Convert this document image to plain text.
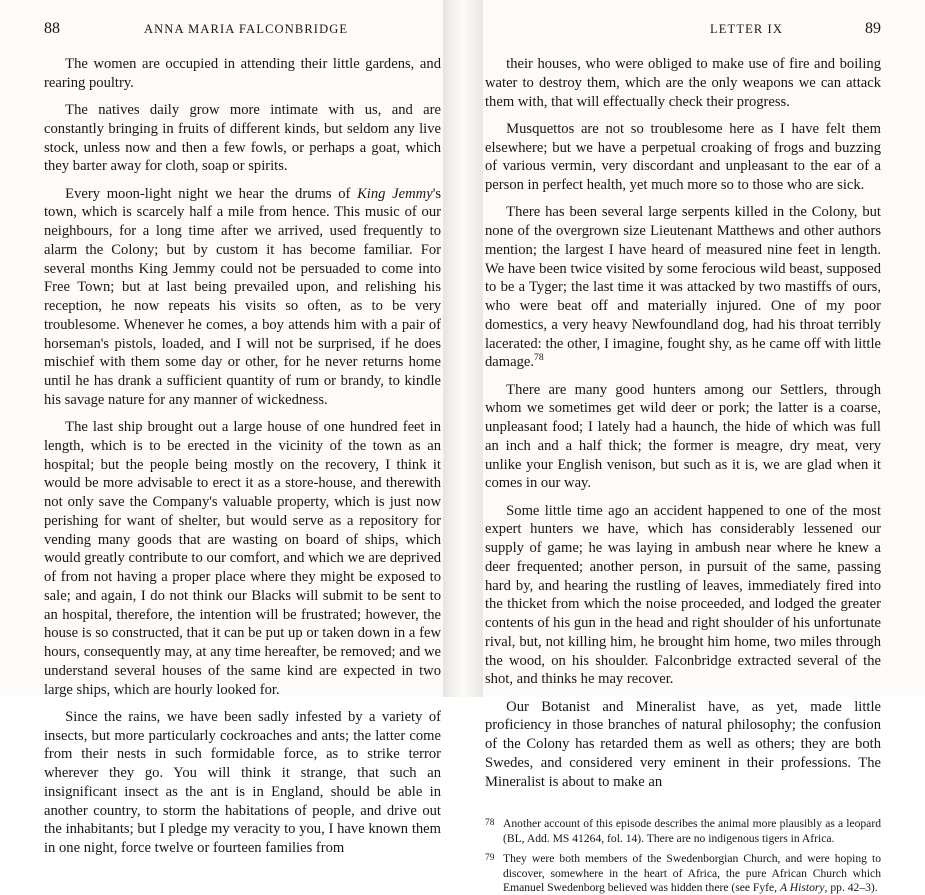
88	ANNA MARIA FALCONBRIDGE

The women are occupied in attending their little gardens, and rearing poultry.

The natives daily grow more intimate with us, and are constantly bringing in fruits of different kinds, but seldom any live stock, unless now and then a few fowls, or perhaps a goat, which they barter away for cloth, soap or spirits.

Every moon-light night we hear the drums of King Jemmy's town, which is scarcely half a mile from hence. This music of our neighbours, for a long time after we arrived, used frequently to alarm the Colony; but by custom it has become familiar. For several months King Jemmy could not be persuaded to come into Free Town; but at last being prevailed upon, and relishing his reception, he now repeats his visits so often, as to be very troublesome. Whenever he comes, a boy attends him with a pair of horseman's pistols, loaded, and I will not be surprised, if he does mischief with them some day or other, for he never returns home until he has drank a sufficient quantity of rum or brandy, to kindle his savage nature for any manner of wickedness.

The last ship brought out a large house of one hundred feet in length, which is to be erected in the vicinity of the town as an hospital; but the people being mostly on the recovery, I think it would be more advisable to erect it as a store-house, and therewith not only save the Company's valuable property, which is just now perishing for want of shelter, but would serve as a repository for vending many goods that are wasting on board of ships, which would greatly contribute to our comfort, and which we are deprived of from not having a proper place where they might be exposed to sale; and again, I do not think our Blacks will submit to be sent to an hospital, therefore, the intention will be frustrated; however, the house is so constructed, that it can be put up or taken down in a few hours, consequently may, at any time hereafter, be removed; and we understand several houses of the same kind are expected in two large ships, which are hourly looked for.

Since the rains, we have been sadly infested by a variety of insects, but more particularly cockroaches and ants; the latter come from their nests in such formidable force, as to strike terror wherever they go. You will think it strange, that such an insignificant insect as the ant is in England, should be able in another country, to storm the habitations of people, and drive out the inhabitants; but I pledge my veracity to you, I have known them in one night, force twelve or fourteen families from

LETTER IX	89

their houses, who were obliged to make use of fire and boiling water to destroy them, which are the only weapons we can attack them with, that will effectually check their progress.

Musquettos are not so troublesome here as I have felt them elsewhere; but we have a perpetual croaking of frogs and buzzing of various vermin, very discordant and unpleasant to the ear of a person in perfect health, yet much more so to those who are sick.

There has been several large serpents killed in the Colony, but none of the overgrown size Lieutenant Matthews and other authors mention; the largest I have heard of measured nine feet in length. We have been twice visited by some ferocious wild beast, supposed to be a Tyger; the last time it was attacked by two mastiffs of ours, who were beat off and materially injured. One of my poor domestics, a very heavy Newfoundland dog, had his throat terribly lacerated: the other, I imagine, fought shy, as he came off with little damage.$^{78}$

There are many good hunters among our Settlers, through whom we sometimes get wild deer or pork; the latter is a coarse, unpleasant food; I lately had a haunch, the hide of which was full an inch and a half thick; the former is meagre, dry meat, very unlike your English venison, but such as it is, we are glad when it comes in our way.

Some little time ago an accident happened to one of the most expert hunters we have, which has considerably lessened our supply of game; he was laying in ambush near where he knew a deer frequented; another person, in pursuit of the same, passing hard by, and hearing the rustling of leaves, immediately fired into the thicket from which the noise proceeded, and lodged the greater contents of his gun in the head and right shoulder of his unfortunate rival, but, not killing him, he brought him home, two miles through the wood, on his shoulder. Falconbridge extracted several of the shot, and thinks he may recover.

Our Botanist and Mineralist have, as yet, made little proficiency in those branches of natural philosophy; the confusion of the Colony has retarded them as well as others; they are both Swedes, and considered very eminent in their professions. The Mineralist is about to make an

78 Another account of this episode describes the animal more plausibly as a leopard (BL, Add. MS 41264, fol. 14). There are no indigenous tigers in Africa.
79 They were both members of the Swedenborgian Church, and were hoping to discover, somewhere in the heart of Africa, the pure African Church which Emanuel Swedenborg believed was hidden there (see Fyfe, A History, pp. 42–3).
